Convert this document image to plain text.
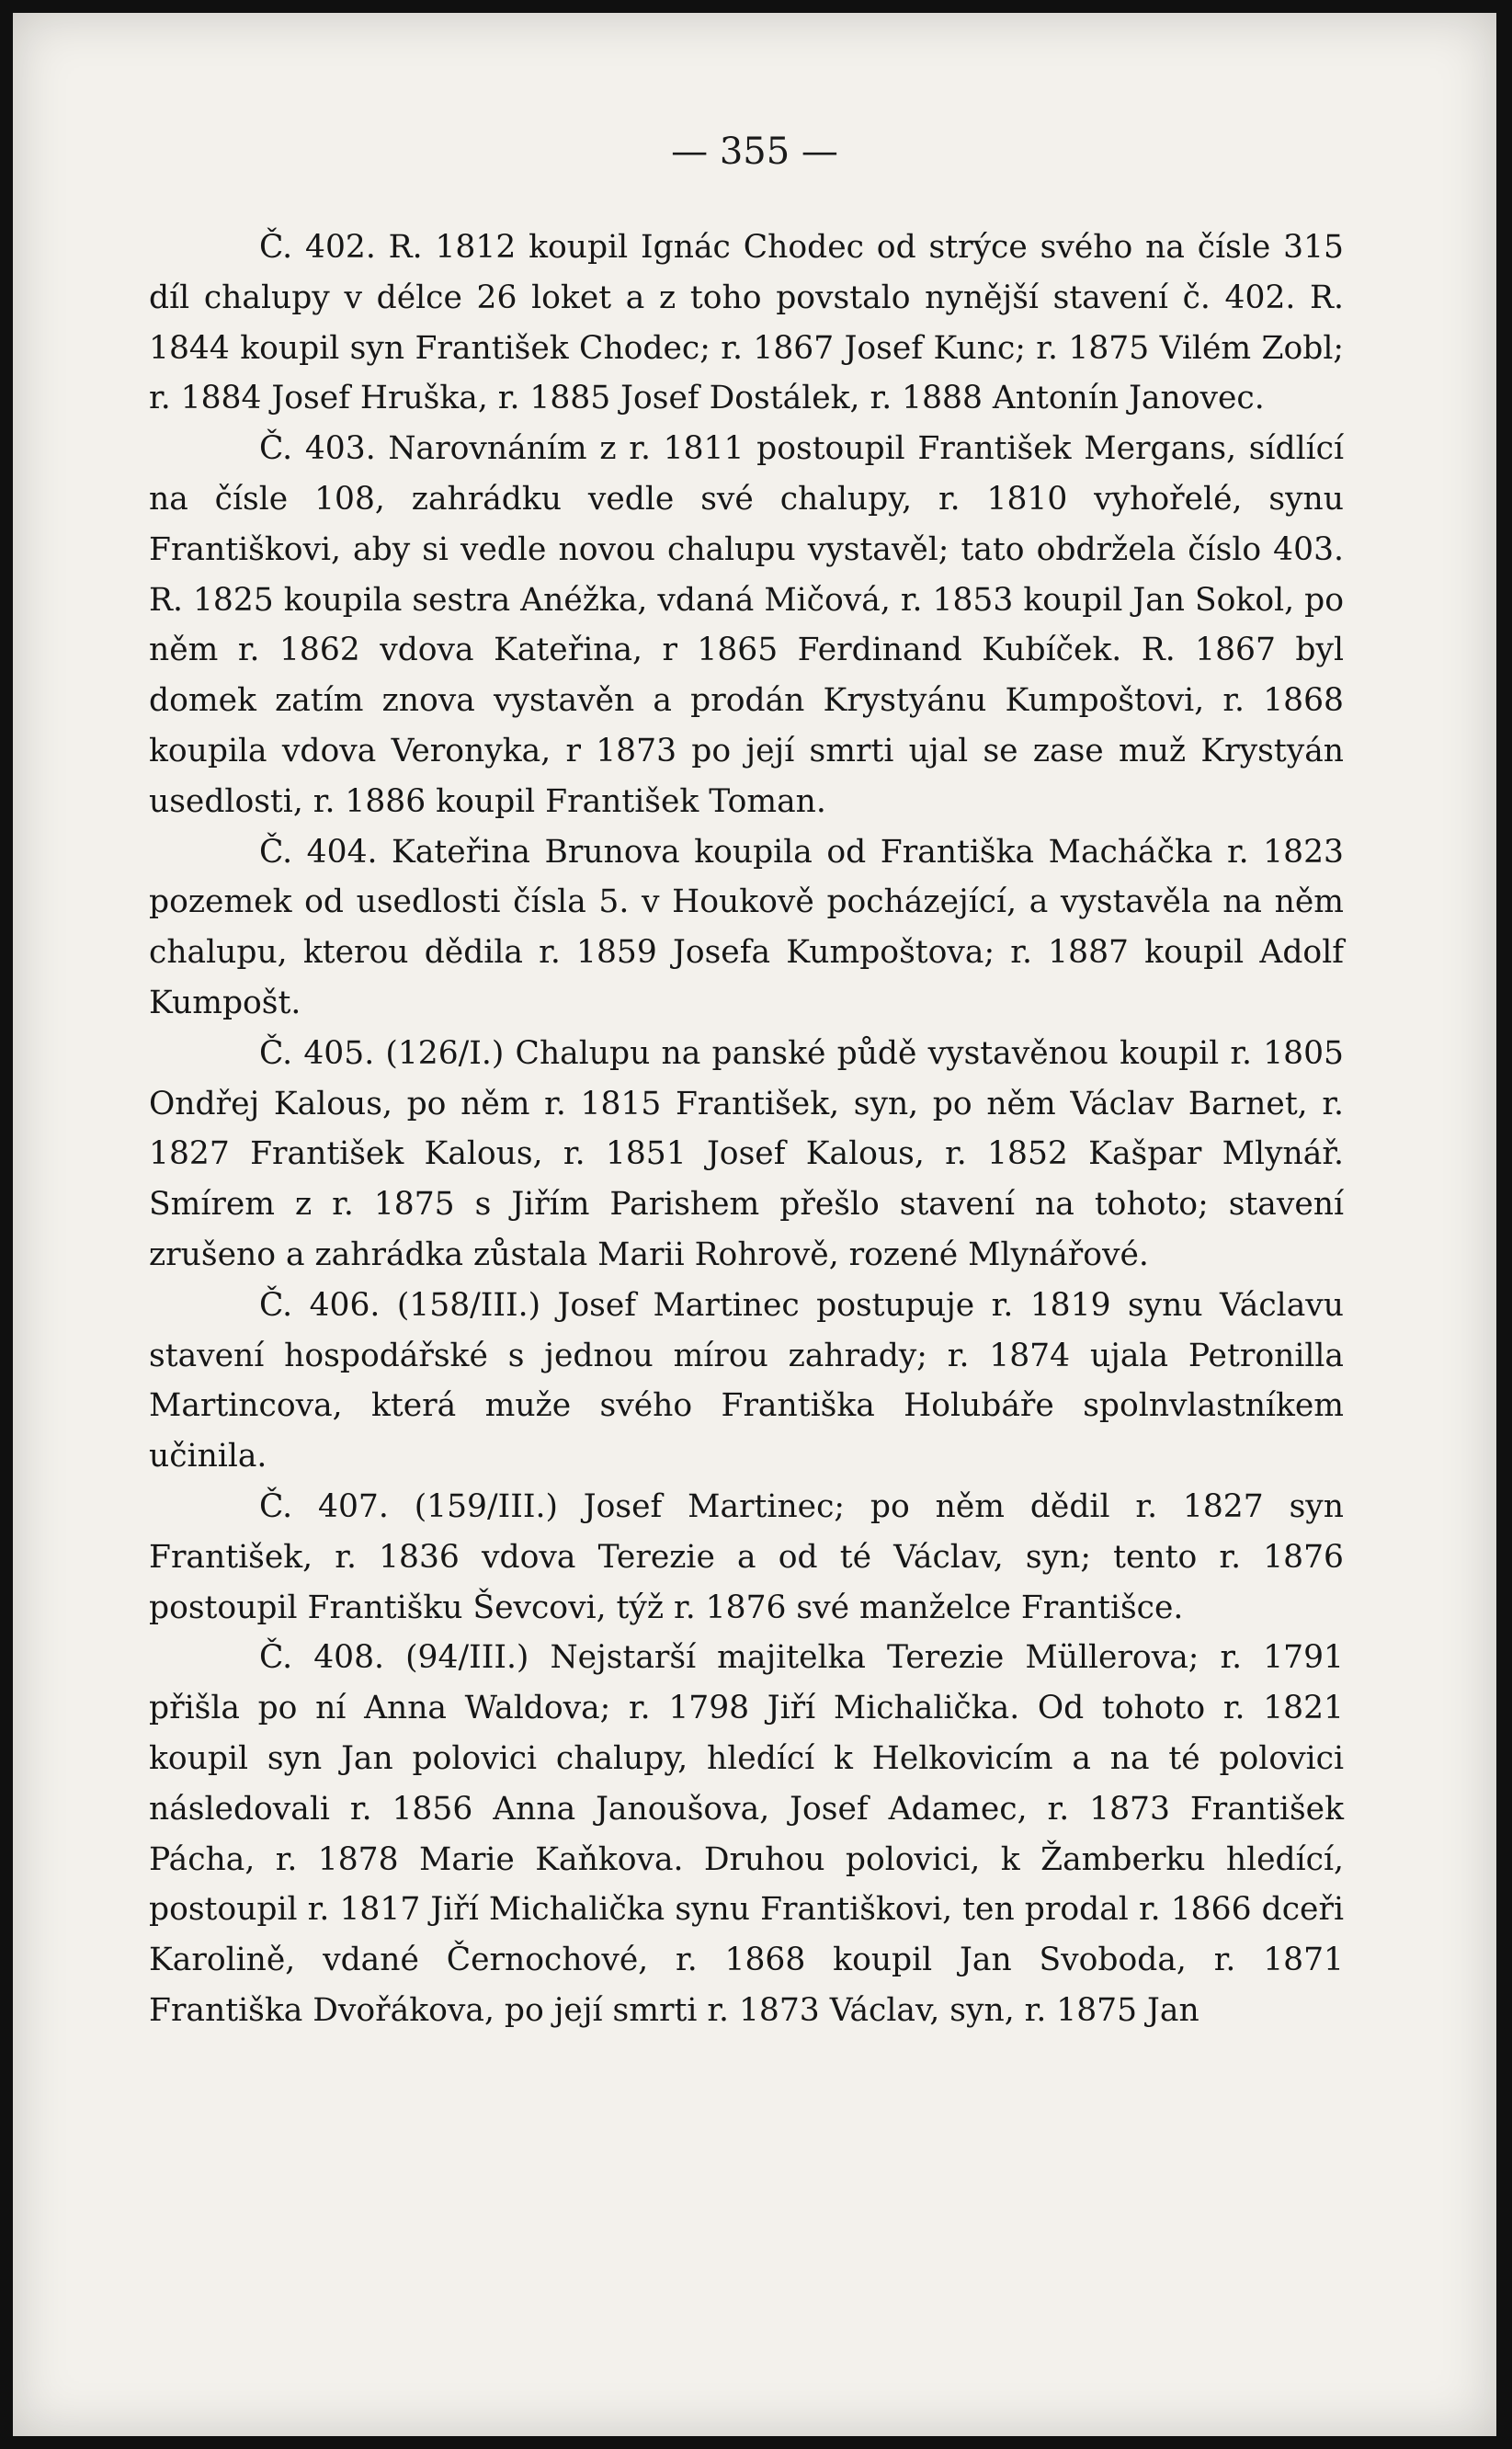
— 355 —

Č. 402. R. 1812 koupil Ignác Chodec od strýce svého na čísle 315 díl chalupy v délce 26 loket a z toho povstalo nynější stavení č. 402. R. 1844 koupil syn František Chodec; r. 1867 Josef Kunc; r. 1875 Vilém Zobl; r. 1884 Josef Hruška, r. 1885 Josef Dostálek, r. 1888 Antonín Janovec.

Č. 403. Narovnáním z r. 1811 postoupil František Mergans, sídlící na čísle 108, zahrádku vedle své chalupy, r. 1810 vyhořelé, synu Františkovi, aby si vedle novou chalupu vystavěl; tato obdržela číslo 403. R. 1825 koupila sestra Anéžka, vdaná Mičová, r. 1853 koupil Jan Sokol, po něm r. 1862 vdova Kateřina, r 1865 Ferdinand Kubíček. R. 1867 byl domek zatím znova vystavěn a prodán Krystyánu Kumpoštovi, r. 1868 koupila vdova Veronyka, r 1873 po její smrti ujal se zase muž Krystyán usedlosti, r. 1886 koupil František Toman.

Č. 404. Kateřina Brunova koupila od Františka Macháčka r. 1823 pozemek od usedlosti čísla 5. v Houkově pocházející, a vystavěla na něm chalupu, kterou dědila r. 1859 Josefa Kumpoštova; r. 1887 koupil Adolf Kumpošt.

Č. 405. (126/I.) Chalupu na panské půdě vystavěnou koupil r. 1805 Ondřej Kalous, po něm r. 1815 František, syn, po něm Václav Barnet, r. 1827 František Kalous, r. 1851 Josef Kalous, r. 1852 Kašpar Mlynář. Smírem z r. 1875 s Jiřím Parishem přešlo stavení na tohoto; stavení zrušeno a zahrádka zůstala Marii Rohrově, rozené Mlynářové.

Č. 406. (158/III.) Josef Martinec postupuje r. 1819 synu Václavu stavení hospodářské s jednou mírou zahrady; r. 1874 ujala Petronilla Martincova, která muže svého Františka Holubáře spolnvlastníkem učinila.

Č. 407. (159/III.) Josef Martinec; po něm dědil r. 1827 syn František, r. 1836 vdova Terezie a od té Václav, syn; tento r. 1876 postoupil Františku Ševcovi, týž r. 1876 své manželce Františce.

Č. 408. (94/III.) Nejstarší majitelka Terezie Müllerova; r. 1791 přišla po ní Anna Waldova; r. 1798 Jiří Michalička. Od tohoto r. 1821 koupil syn Jan polovici chalupy, hledící k Helkovicím a na té polovici následovali r. 1856 Anna Janoušova, Josef Adamec, r. 1873 František Pácha, r. 1878 Marie Kaňkova. Druhou polovici, k Žamberku hledící, postoupil r. 1817 Jiří Michalička synu Františkovi, ten prodal r. 1866 dceři Karolině, vdané Černochové, r. 1868 koupil Jan Svoboda, r. 1871 Františka Dvořákova, po její smrti r. 1873 Václav, syn, r. 1875 Jan
